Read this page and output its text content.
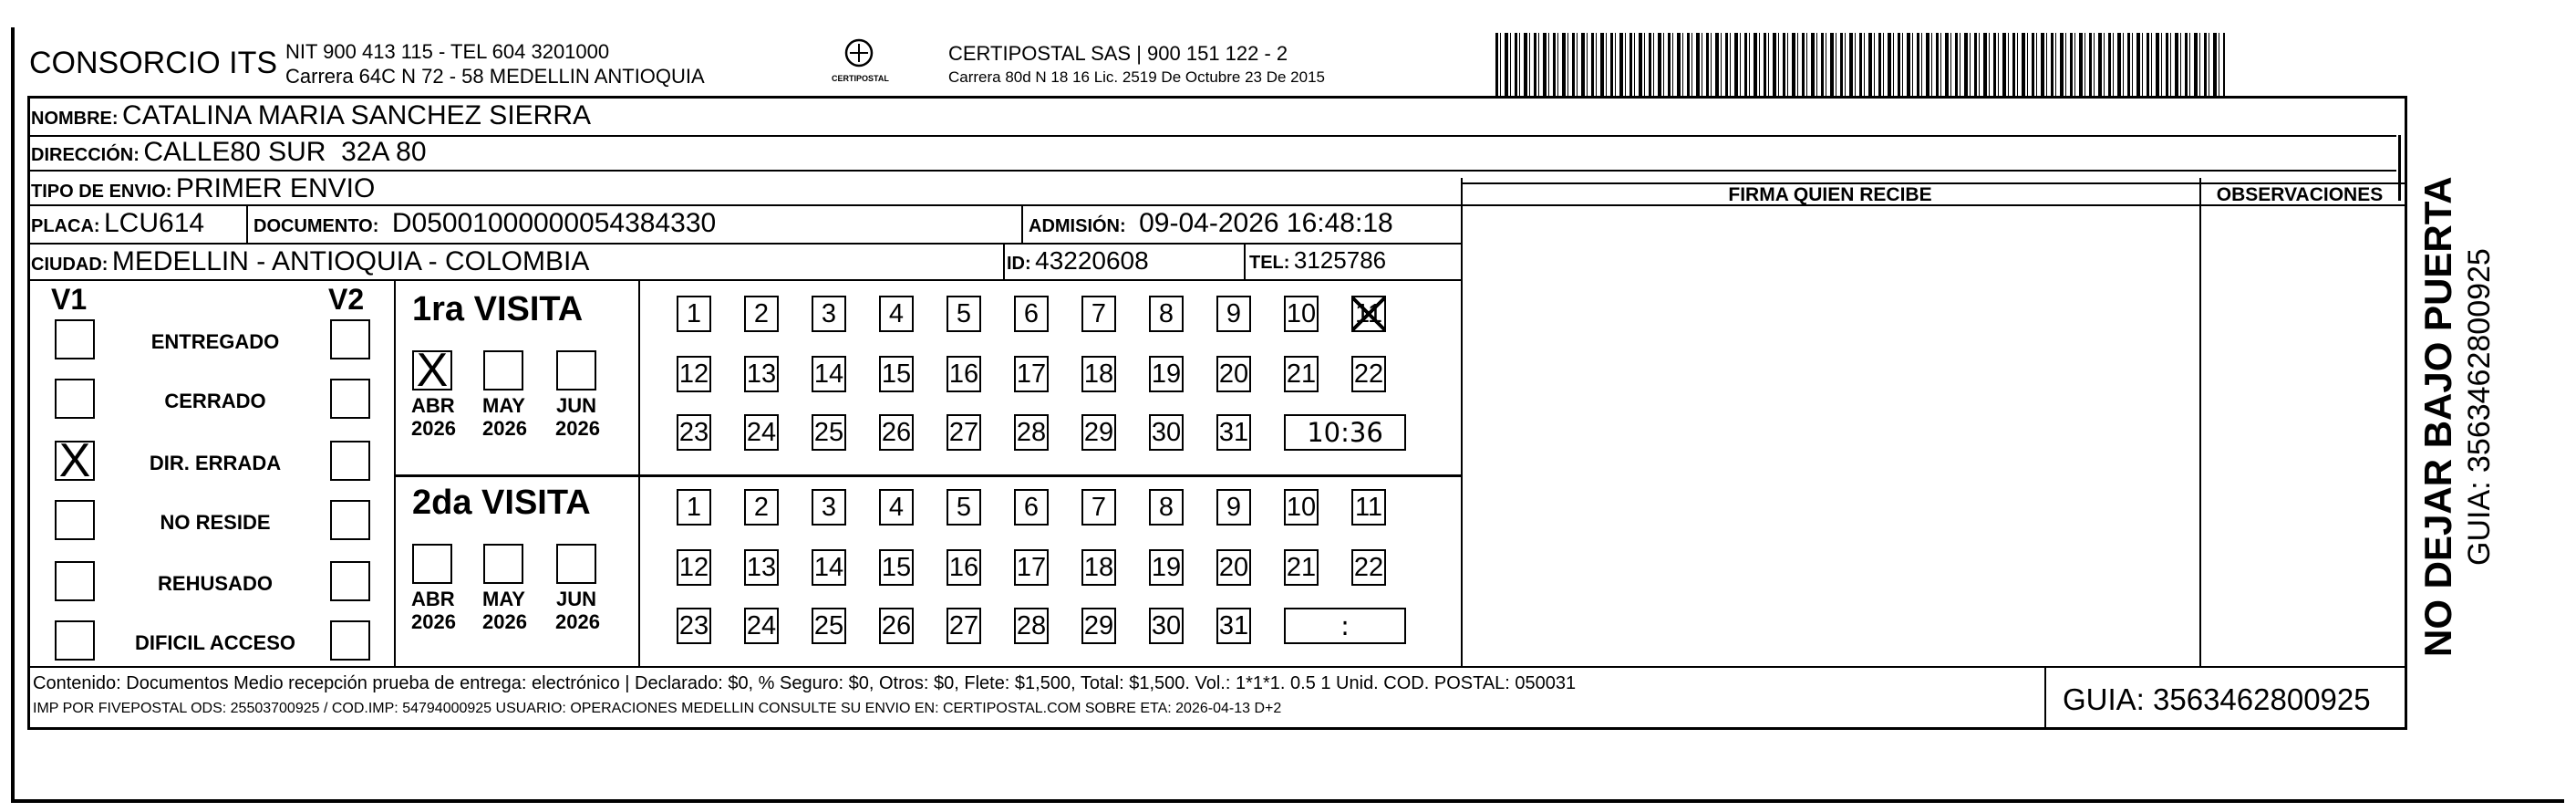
CONSORCIO ITS NIT 900 413 115 - TEL 604 3201000
Carrera 64C N 72 - 58 MEDELLIN ANTIOQUIA	CERTIPOSTAL
CERTIPOSTAL SAS | 900 151 122 - 2
Carrera 80d N 18 16 Lic. 2519 De Octubre 23 De 2015
FIRMA QUIEN RECIBE	OBSERVACIONES
NOMBRE: CATALINA MARIA SANCHEZ SIERRA
DIRECCIÓN: CALLE80 SUR  32A 80
TIPO DE ENVIO: PRIMER ENVIO
PLACA: LCU614	DOCUMENTO: D05001000000054384330	ADMISIÓN: 09-04-2026 16:48:18
CIUDAD: MEDELLIN - ANTIOQUIA - COLOMBIA	ID: 43220608	TEL: 3125786
V1	V2
ENTREGADO
CERRADO
X	DIR. ERRADA
NO RESIDE
REHUSADO
DIFICIL ACCESO
1ra VISITA
2da VISITA
X
ABR
2026
MAY
2026
JUN
2026
1	2	3	4	5	6	7	8	9	10 11
12 13 14 15 16 17 18 19 20 21 22
23 24 25 26 27 28 29 30 31	10:36
ABR
2026
MAY
2026
JUN
2026
1	2	3	4	5	6	7	8	9	10 11
12 13 14 15 16 17 18 19 20 21 22
23 24 25 26 27 28 29 30 31	:
Contenido: Documentos Medio recepción prueba de entrega: electrónico | Declarado: $0, % Seguro: $0, Otros: $0, Flete: $1,500, Total: $1,500. Vol.: 1*1*1. 0.5 1 Unid. COD. POSTAL: 050031
IMP POR FIVEPOSTAL ODS: 25503700925 / COD.IMP: 54794000925 USUARIO: OPERACIONES MEDELLIN CONSULTE SU ENVIO EN: CERTIPOSTAL.COM SOBRE ETA: 2026-04-13 D+2	GUIA: 3563462800925
NO DEJAR BAJO PUERTA GUIA: 3563462800925
